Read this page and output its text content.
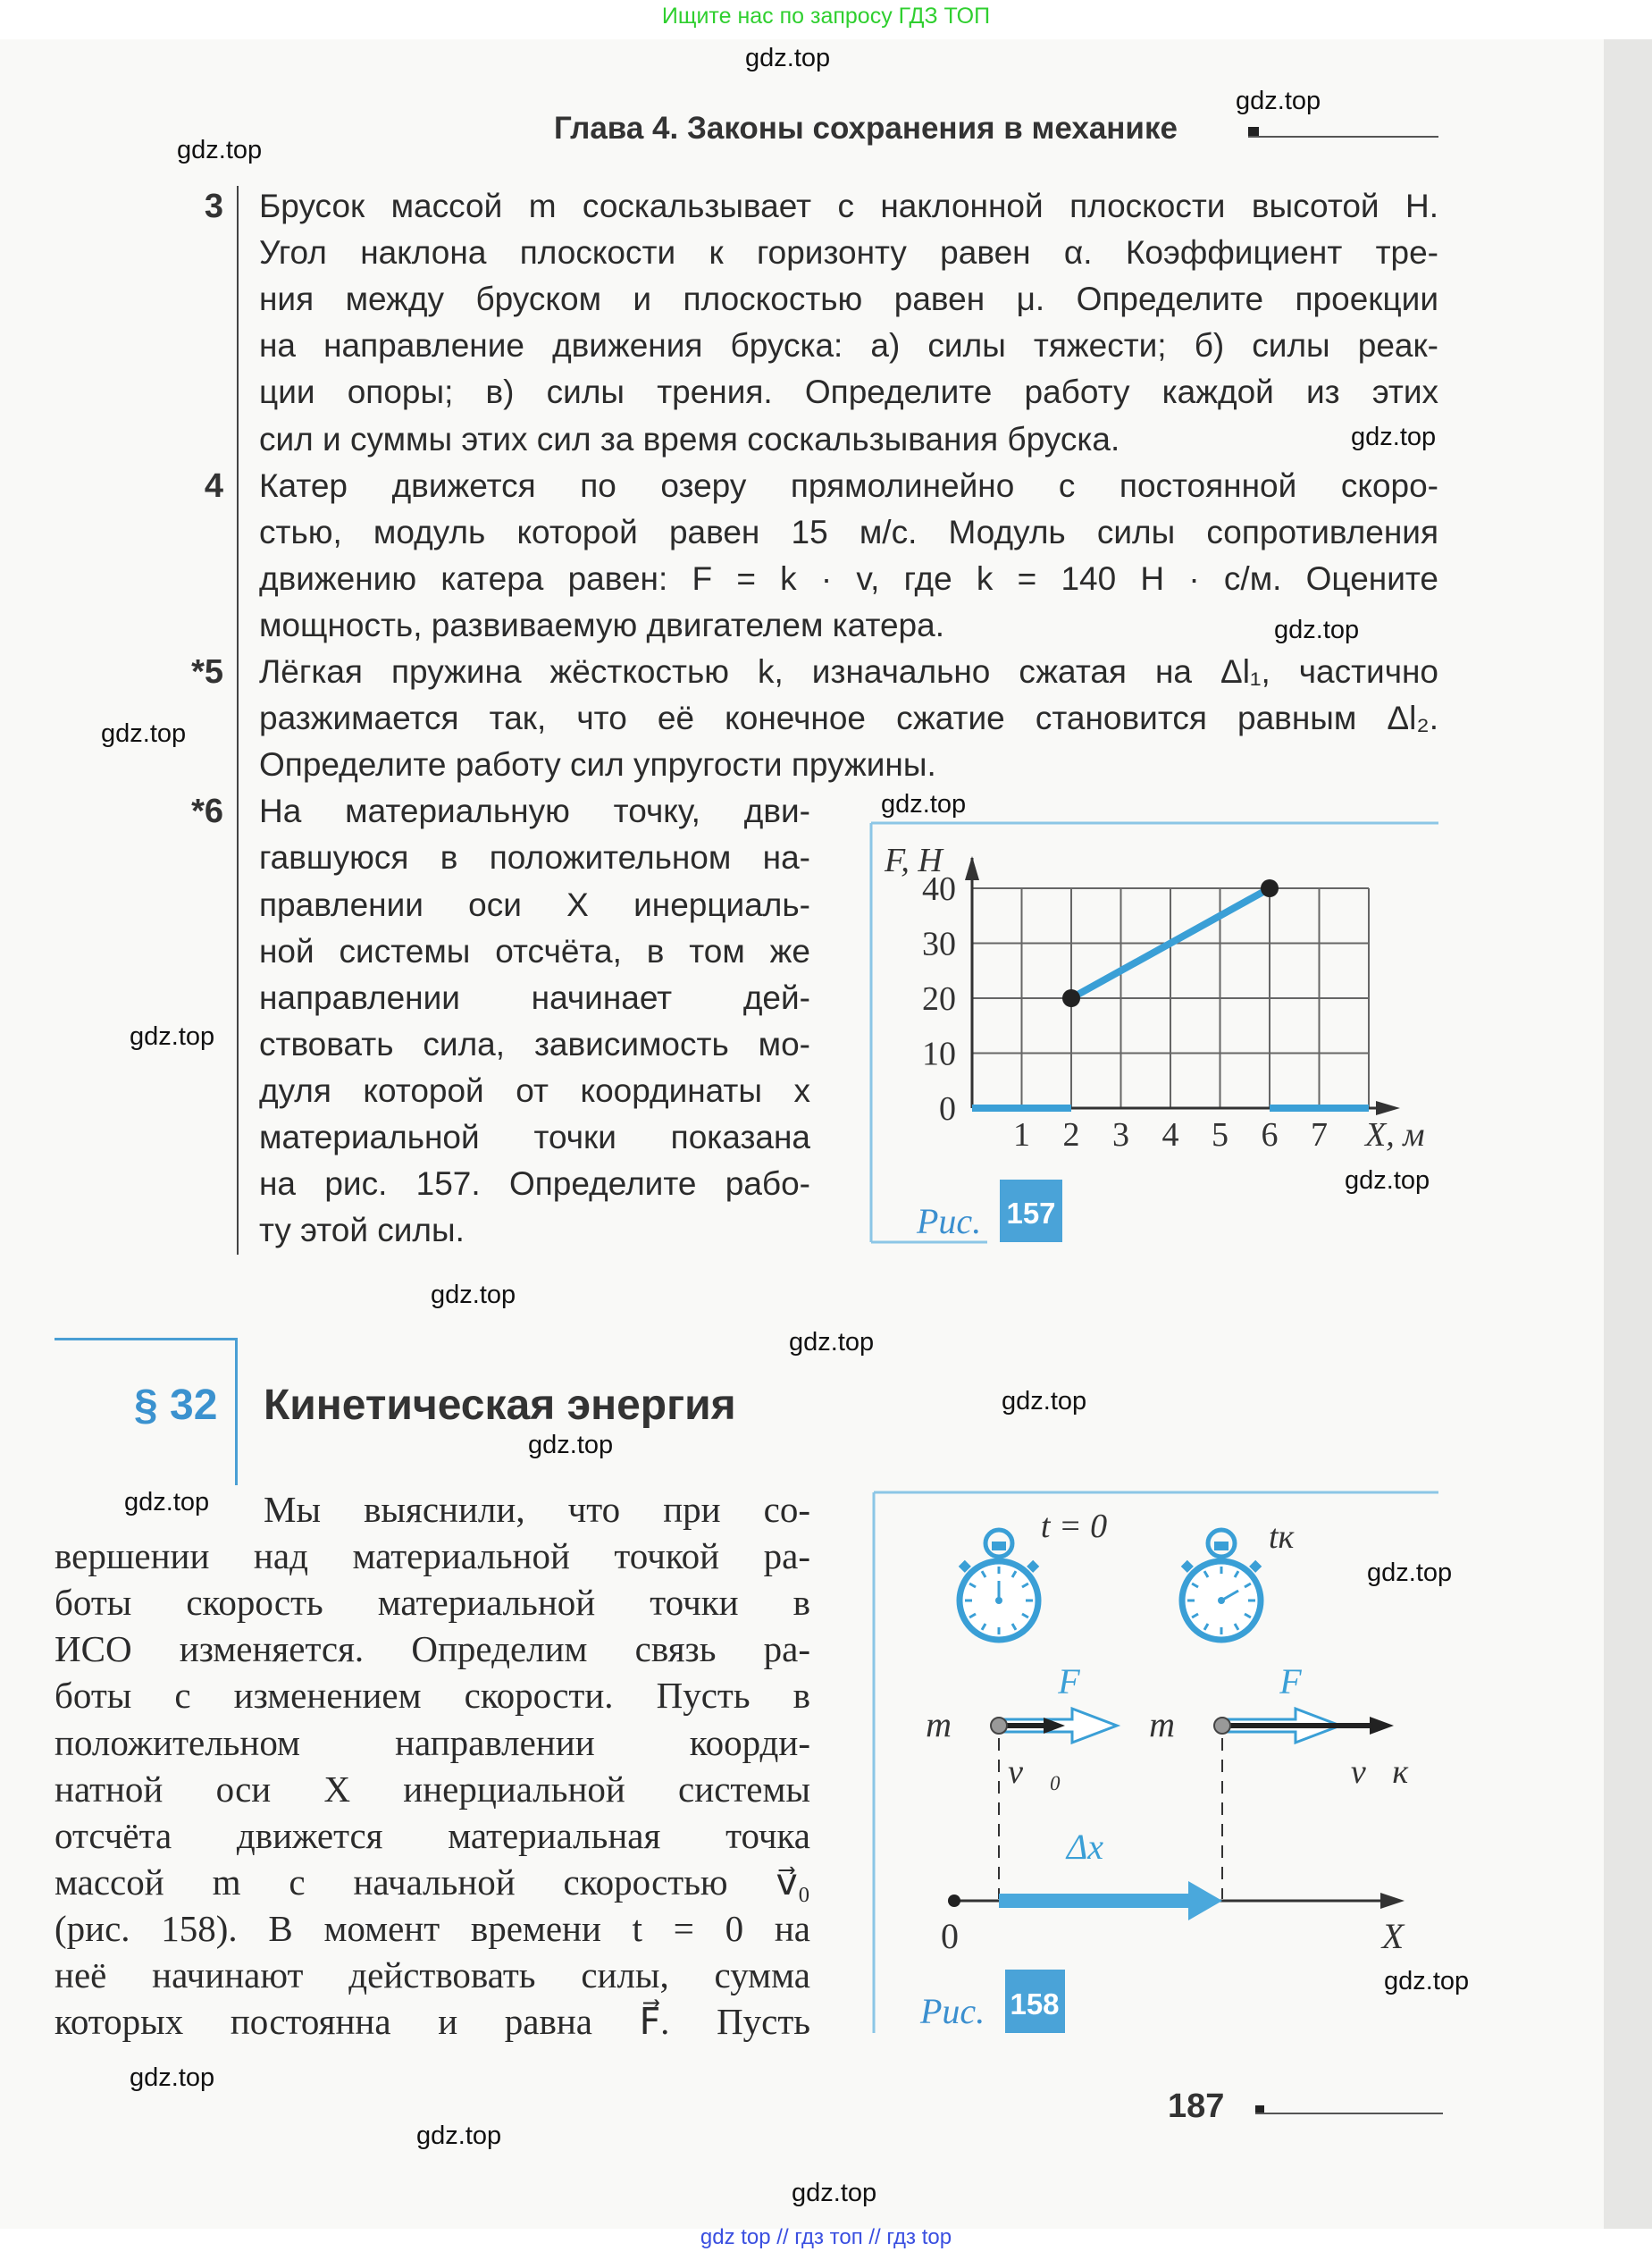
Ищите нас по запросу ГДЗ ТОП
Глава 4. Законы сохранения в механике
3 Брусок массой m соскальзывает с наклонной плоскости высотой H.
Угол наклона плоскости к горизонту равен α. Коэффициент тре-
ния между бруском и плоскостью равен μ. Определите проекции
на направление движения бруска: а) силы тяжести; б) силы реак-
ции опоры; в) силы трения. Определите работу каждой из этих
сил и суммы этих сил за время соскальзывания бруска.
4 Катер движется по озеру прямолинейно с постоянной скоро-
стью, модуль которой равен 15 м/с. Модуль силы сопротивления
движению катера равен: F = k · v, где k = 140 Н · с/м. Оцените
мощность, развиваемую двигателем катера.
*5 Лёгкая пружина жёсткостью k, изначально сжатая на Δl₁, частично
разжимается так, что её конечное сжатие становится равным Δl₂.
Определите работу сил упругости пружины.
*6 На материальную точку, дви-
гавшуюся в положительном на-
правлении оси X инерциаль-
ной системы отсчёта, в том же
направлении начинает дей-
ствовать сила, зависимость мо-
дуля которой от координаты x
материальной точки показана
на рис. 157. Определите рабо-
ту этой силы.
§ 32 Кинетическая энергия
Мы выяснили, что при со-
вершении над материальной точкой ра-
боты скорость материальной точки в
ИСО изменяется. Определим связь ра-
боты с изменением скорости. Пусть в
положительном направлении коорди-
натной оси X инерциальной системы
отсчёта движется материальная точка
массой m с начальной скоростью v⃗₀
(рис. 158). В момент времени t = 0 на
неё начинают действовать силы, сумма
которых постоянна и равна F⃗. Пусть
1 2 3 4 5 6 7
0
10
20
30
40
F, Н
X, м
Рис. 157
t = 0	tк
m	m
F⃗	F⃗
v⃗₀	v⃗к
Δx⃗
0	X
Рис. 158
187
gdz.top
gdz.top
gdz.top
gdz.top
gdz.top
gdz.top
gdz.top
gdz.top
gdz.top
gdz.top
gdz.top
gdz.top
gdz.top
gdz.top
gdz.top
gdz.top
gdz.top
gdz.top
gdz.top
gdz top // гдз топ // гдз top
